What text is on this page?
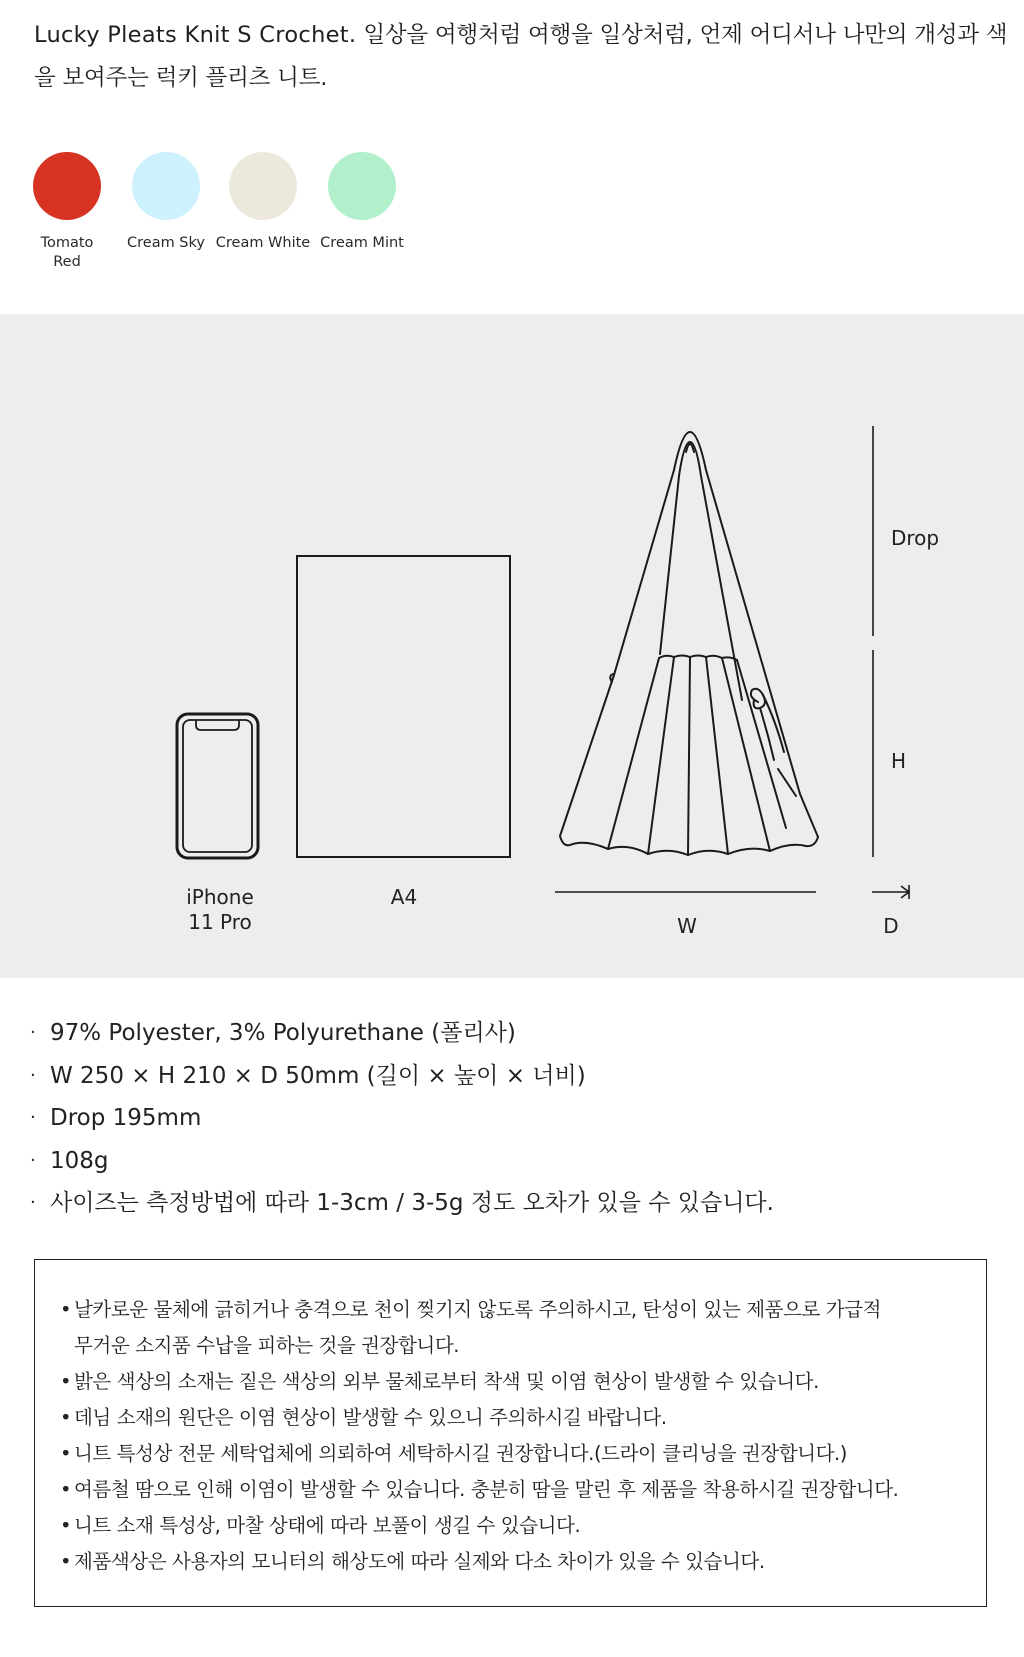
Lucky Pleats Knit S Crochet. 일상을 여행처럼 여행을 일상처럼, 언제 어디서나 나만의 개성과 색을 보여주는 럭키 플리츠 니트.
Tomato
Red
Cream Sky Cream White Cream Mint
iPhone
11 Pro
A4
Drop
H
W	D
· 97% Polyester, 3% Polyurethane (폴리사)
· W 250 × H 210 × D 50mm (길이 × 높이 × 너비)
· Drop 195mm
· 108g
· 사이즈는 측정방법에 따라 1-3cm / 3-5g 정도 오차가 있을 수 있습니다.
• 날카로운 물체에 긁히거나 충격으로 천이 찢기지 않도록 주의하시고, 탄성이 있는 제품으로 가급적
무거운 소지품 수납을 피하는 것을 권장합니다.
• 밝은 색상의 소재는 짙은 색상의 외부 물체로부터 착색 및 이염 현상이 발생할 수 있습니다.
• 데님 소재의 원단은 이염 현상이 발생할 수 있으니 주의하시길 바랍니다.
• 니트 특성상 전문 세탁업체에 의뢰하여 세탁하시길 권장합니다.(드라이 클리닝을 권장합니다.)
• 여름철 땀으로 인해 이염이 발생할 수 있습니다. 충분히 땀을 말린 후 제품을 착용하시길 권장합니다.
• 니트 소재 특성상, 마찰 상태에 따라 보풀이 생길 수 있습니다.
• 제품색상은 사용자의 모니터의 해상도에 따라 실제와 다소 차이가 있을 수 있습니다.
